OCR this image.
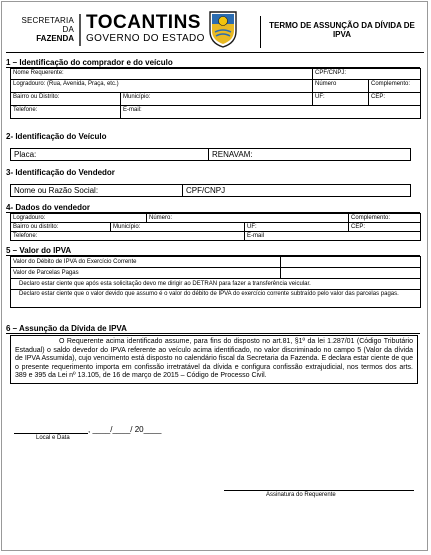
SECRETARIA DA
FAZENDA
TOCANTINS
GOVERNO DO ESTADO
TERMO DE ASSUNÇÃO DA DÍVIDA DE IPVA
1 – Identificação do comprador e do veículo
Nome Requerente:		CPF/CNPJ:	
Logradouro: (Rua, Avenida, Praça, etc.)		Número	Complemento:
Bairro ou Distrito:	Município:	UF:	CEP:
Telefone:	E-mail:		
2- Identificação do Veículo
Placa:	RENAVAM:
3- Identificação do Vendedor
Nome ou Razão Social:	CPF/CNPJ
4- Dados do vendedor
Logradouro:		Número:		Complemento:
Bairro ou distrito:	Município:		UF:	CEP:
Telefone:			E-mail	
5 – Valor do IPVA
Valor do Débito de IPVA do Exercício Corrente	
Valor de Parcelas Pagas	
Declaro estar ciente que após esta solicitação devo me dirigir ao DETRAN para fazer a transferência veicular.	
Declaro estar ciente que o valor devido que assumo é o valor do débito de IPVA do exercício corrente subtraído pelo valor das parcelas pagas.	
6 – Assunção da Dívida de IPVA
O Requerente acima identificado assume, para fins do disposto no art.81, §1º da lei 1.287/01 (Código Tributário Estadual) o saldo devedor do IPVA referente ao veículo acima identificado, no valor discriminado no campo 5 (Valor da dívida de IPVA Assumida), cujo vencimento está disposto no calendário fiscal da Secretaria da Fazenda. E declara estar ciente de que o presente requerimento importa em confissão irretratável da dívida e configura confissão extrajudicial, nos termos dos arts. 389 e 395 da Lei nº 13.105, de 16 de março de 2015 – Código de Processo Civil.
, ____/____/ 20____
Local e Data
Assinatura do Requerente
